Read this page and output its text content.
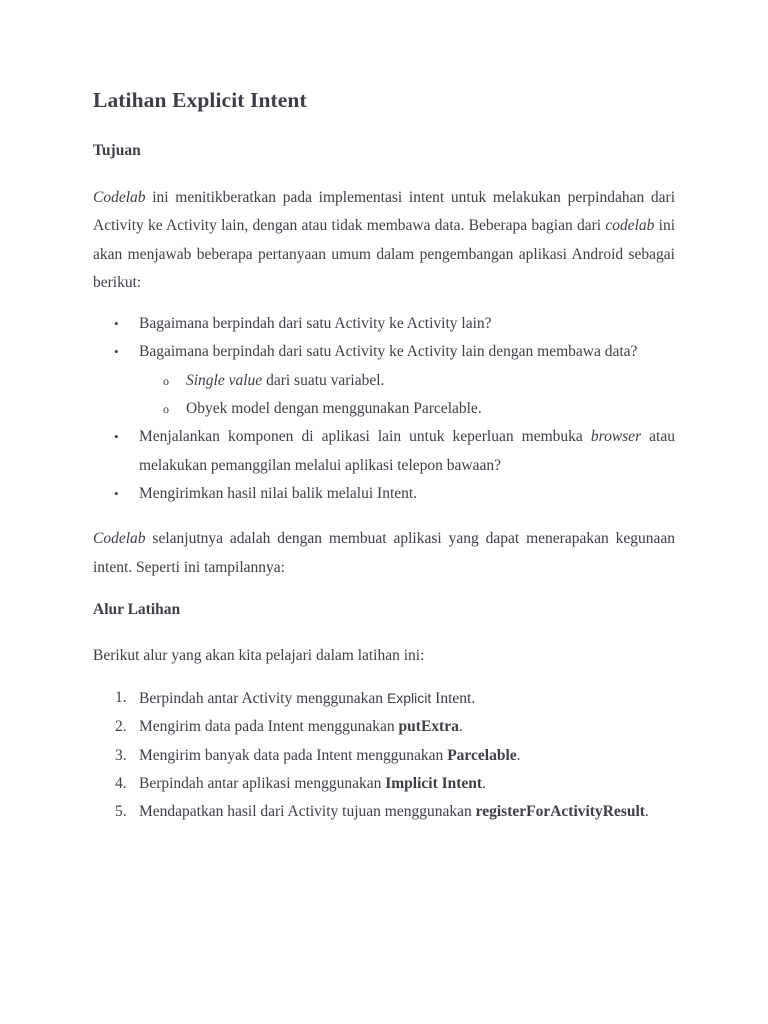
Latihan Explicit Intent
Tujuan

Codelab ini menitikberatkan pada implementasi intent untuk melakukan perpindahan dari Activity ke Activity lain, dengan atau tidak membawa data. Beberapa bagian dari codelab ini akan menjawab beberapa pertanyaan umum dalam pengembangan aplikasi Android sebagai berikut:

• Bagaimana berpindah dari satu Activity ke Activity lain?
• Bagaimana berpindah dari satu Activity ke Activity lain dengan membawa data?
o Single value dari suatu variabel.
o Obyek model dengan menggunakan Parcelable.
• Menjalankan komponen di aplikasi lain untuk keperluan membuka browser atau melakukan pemanggilan melalui aplikasi telepon bawaan?
• Mengirimkan hasil nilai balik melalui Intent.

Codelab selanjutnya adalah dengan membuat aplikasi yang dapat menerapakan kegunaan intent. Seperti ini tampilannya:

Alur Latihan

Berikut alur yang akan kita pelajari dalam latihan ini:

1. Berpindah antar Activity menggunakan Explicit Intent.
2. Mengirim data pada Intent menggunakan putExtra.
3. Mengirim banyak data pada Intent menggunakan Parcelable.
4. Berpindah antar aplikasi menggunakan Implicit Intent.
5. Mendapatkan hasil dari Activity tujuan menggunakan registerForActivityResult.
